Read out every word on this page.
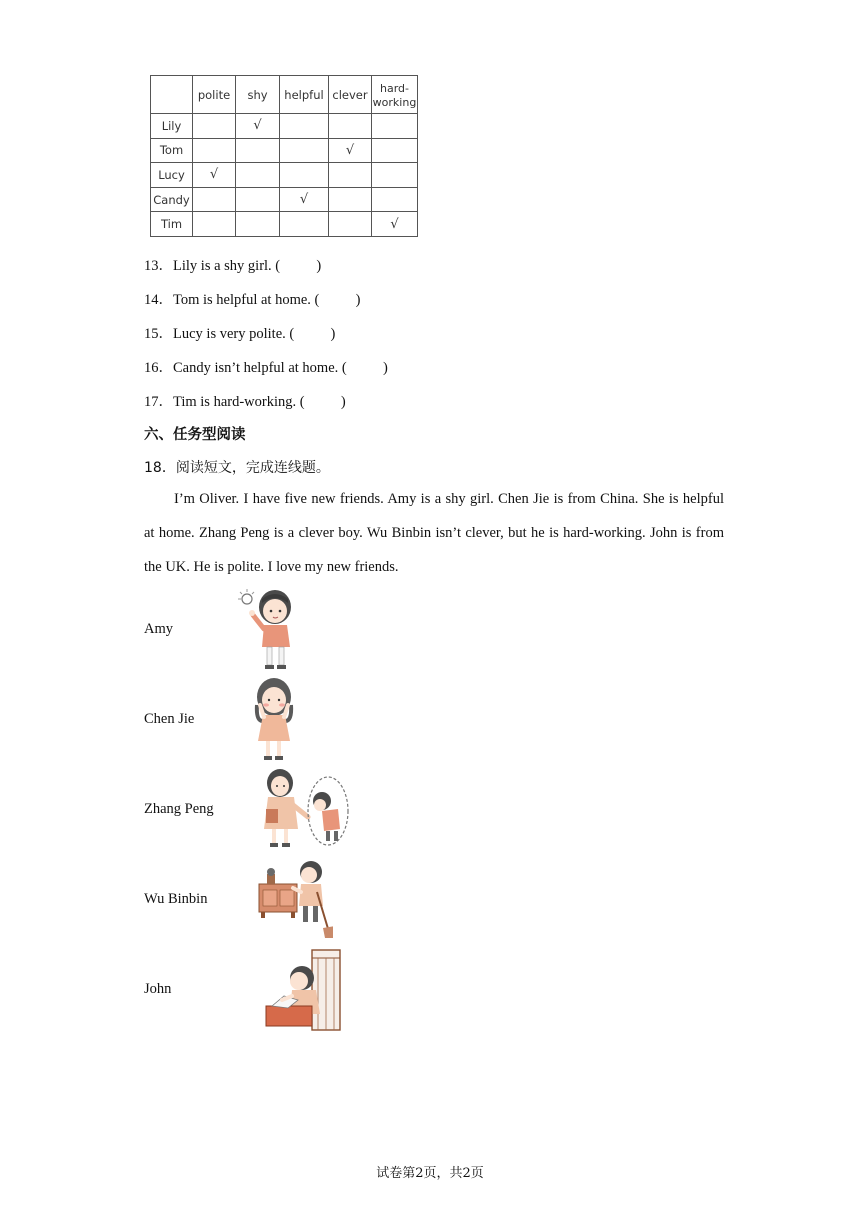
	polite	shy	helpful	clever	hard-
working
Lily		√			
Tom				√	
Lucy	√				
Candy			√		
Tim					√
13．Lily is a shy girl. (          )
14．Tom is helpful at home. (          )
15．Lucy is very polite. (          )
16．Candy isn’t helpful at home. (          )
17．Tim is hard-working. (          )
六、任务型阅读
18．阅读短文，完成连线题。
I’m Oliver. I have five new friends. Amy is a shy girl. Chen Jie is from China. She is helpful at home. Zhang Peng is a clever boy. Wu Binbin isn’t clever, but he is hard-working. John is from the UK. He is polite. I love my new friends.
Amy
Chen Jie
Zhang Peng
Wu Binbin
John
试卷第2页，共2页
